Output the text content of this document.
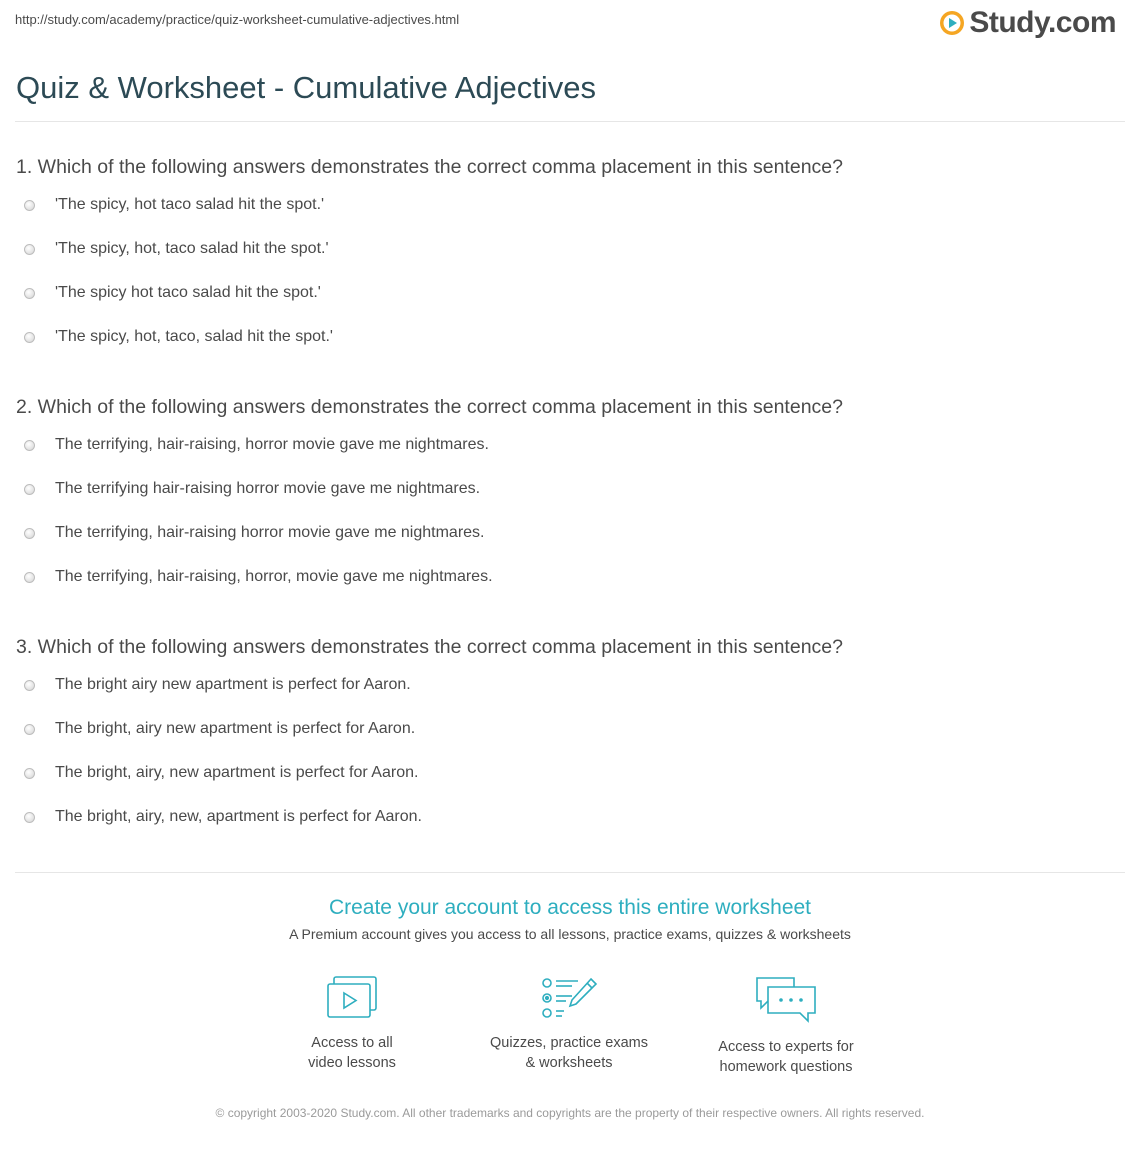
http://study.com/academy/practice/quiz-worksheet-cumulative-adjectives.html	Study.com
Quiz & Worksheet - Cumulative Adjectives

1. Which of the following answers demonstrates the correct comma placement in this sentence?

'The spicy, hot taco salad hit the spot.'
'The spicy, hot, taco salad hit the spot.'
'The spicy hot taco salad hit the spot.'
'The spicy, hot, taco, salad hit the spot.'

2. Which of the following answers demonstrates the correct comma placement in this sentence?

The terrifying, hair-raising, horror movie gave me nightmares.
The terrifying hair-raising horror movie gave me nightmares.
The terrifying, hair-raising horror movie gave me nightmares.
The terrifying, hair-raising, horror, movie gave me nightmares.

3. Which of the following answers demonstrates the correct comma placement in this sentence?

The bright airy new apartment is perfect for Aaron.
The bright, airy new apartment is perfect for Aaron.
The bright, airy, new apartment is perfect for Aaron.
The bright, airy, new, apartment is perfect for Aaron.
Create your account to access this entire worksheet
A Premium account gives you access to all lessons, practice exams, quizzes & worksheets
Access to all
video lessons
Quizzes, practice exams
& worksheets
Access to experts for
homework questions
© copyright 2003-2020 Study.com. All other trademarks and copyrights are the property of their respective owners. All rights reserved.
